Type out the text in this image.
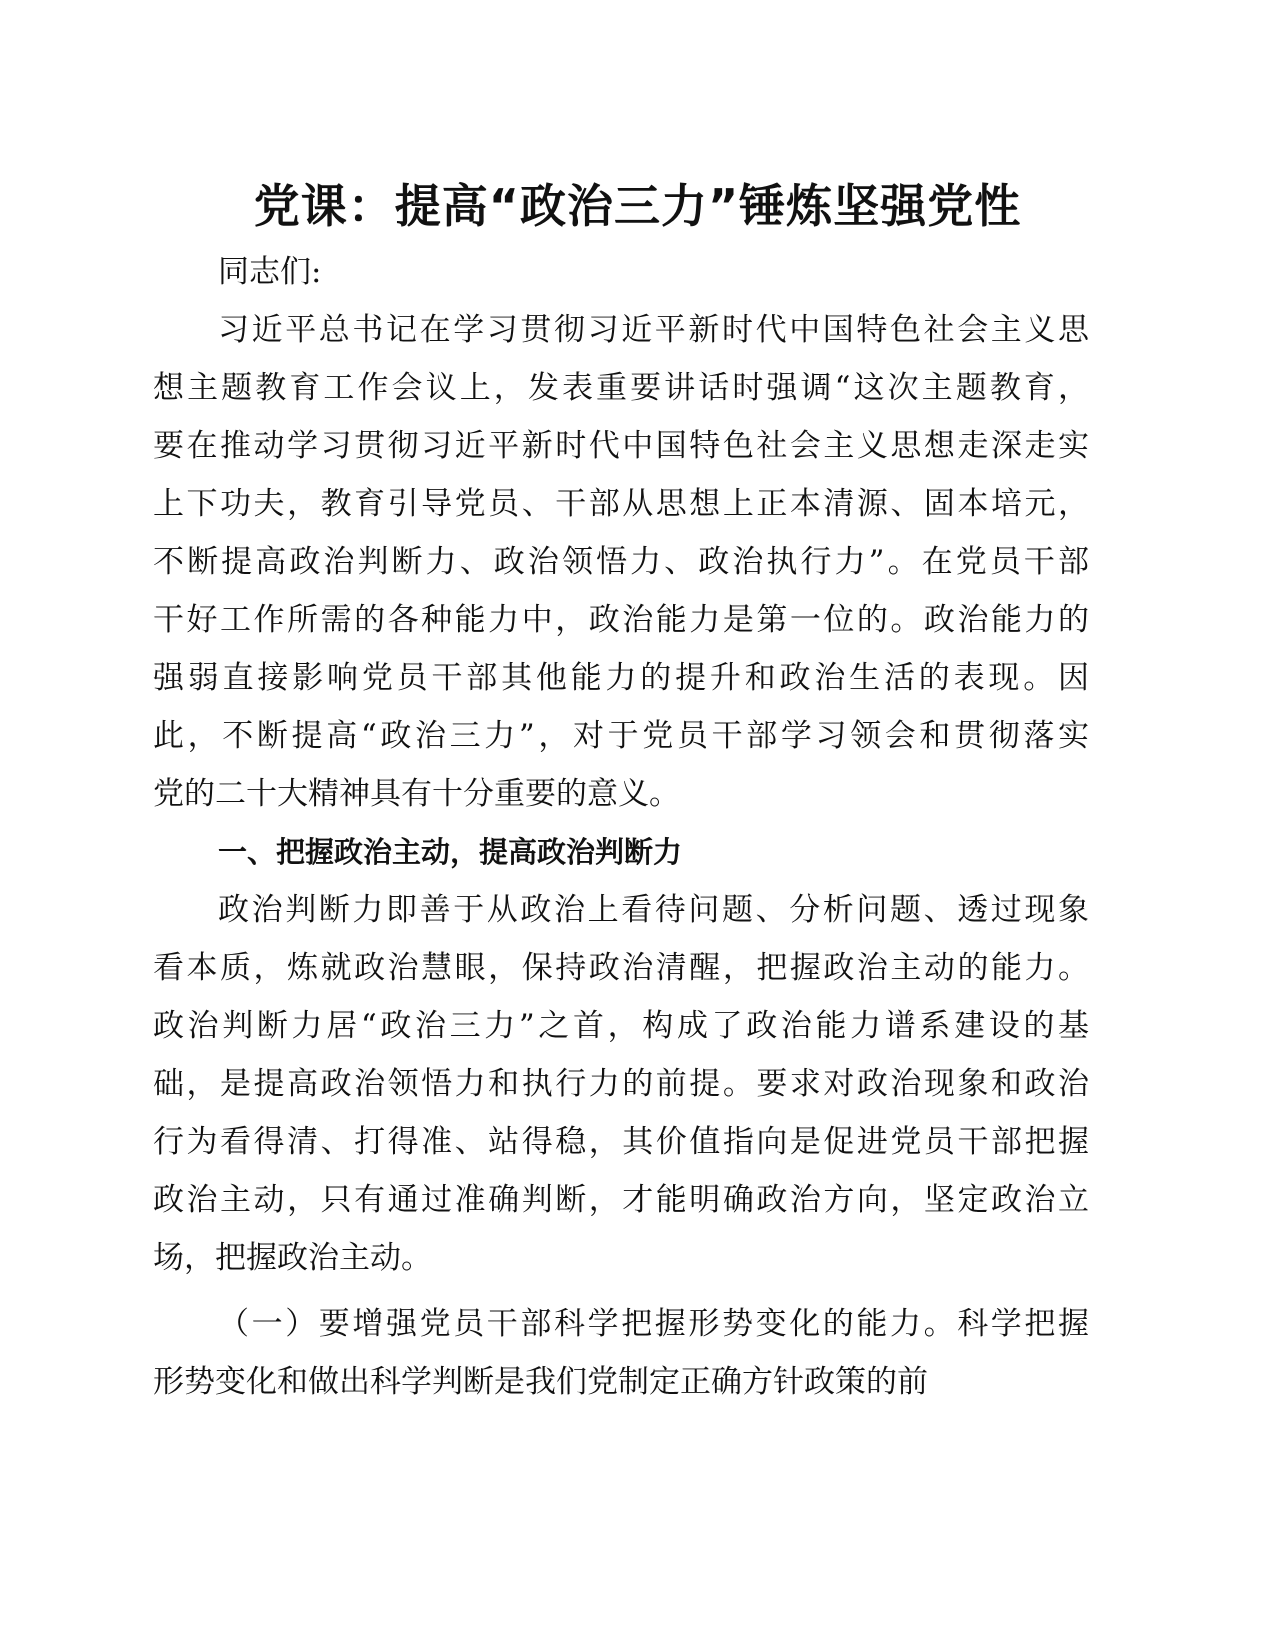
党课：提高“政治三力”锤炼坚强党性
同志们:
习近平总书记在学习贯彻习近平新时代中国特色社会主义思
想主题教育工作会议上，发表重要讲话时强调“这次主题教育，
要在推动学习贯彻习近平新时代中国特色社会主义思想走深走实
上下功夫，教育引导党员、干部从思想上正本清源、固本培元，
不断提高政治判断力、政治领悟力、政治执行力”。在党员干部
干好工作所需的各种能力中，政治能力是第一位的。政治能力的
强弱直接影响党员干部其他能力的提升和政治生活的表现。因
此，不断提高“政治三力”，对于党员干部学习领会和贯彻落实
党的二十大精神具有十分重要的意义。
一、把握政治主动，提高政治判断力
政治判断力即善于从政治上看待问题、分析问题、透过现象
看本质，炼就政治慧眼，保持政治清醒，把握政治主动的能力。
政治判断力居“政治三力”之首，构成了政治能力谱系建设的基
础，是提高政治领悟力和执行力的前提。要求对政治现象和政治
行为看得清、打得准、站得稳，其价值指向是促进党员干部把握
政治主动，只有通过准确判断，才能明确政治方向，坚定政治立
场，把握政治主动。
（一）要增强党员干部科学把握形势变化的能力。科学把握
形势变化和做出科学判断是我们党制定正确方针政策的前
